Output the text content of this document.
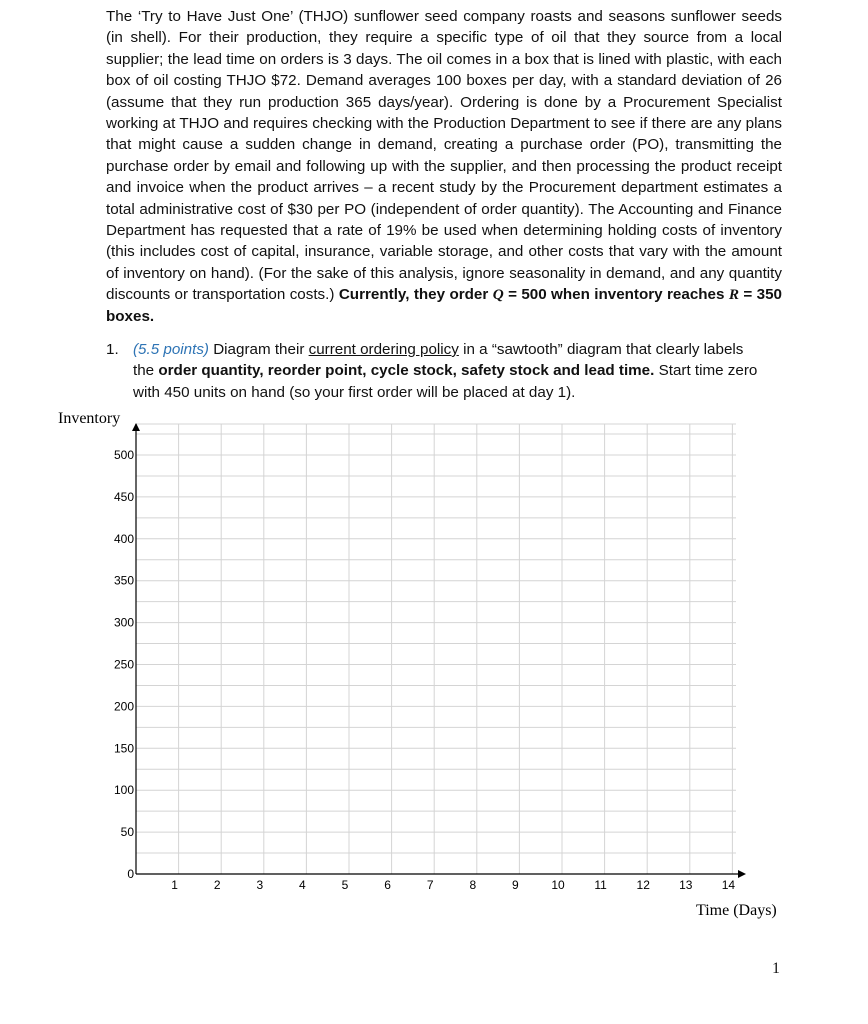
The ‘Try to Have Just One’ (THJO) sunflower seed company roasts and seasons sunflower seeds (in shell). For their production, they require a specific type of oil that they source from a local supplier; the lead time on orders is 3 days. The oil comes in a box that is lined with plastic, with each box of oil costing THJO $72. Demand averages 100 boxes per day, with a standard deviation of 26 (assume that they run production 365 days/year). Ordering is done by a Procurement Specialist working at THJO and requires checking with the Production Department to see if there are any plans that might cause a sudden change in demand, creating a purchase order (PO), transmitting the purchase order by email and following up with the supplier, and then processing the product receipt and invoice when the product arrives – a recent study by the Procurement department estimates a total administrative cost of $30 per PO (independent of order quantity). The Accounting and Finance Department has requested that a rate of 19% be used when determining holding costs of inventory (this includes cost of capital, insurance, variable storage, and other costs that vary with the amount of inventory on hand). (For the sake of this analysis, ignore seasonality in demand, and any quantity discounts or transportation costs.) Currently, they order Q = 500 when inventory reaches R = 350 boxes.
1. (5.5 points) Diagram their current ordering policy in a “sawtooth” diagram that clearly labels the order quantity, reorder point, cycle stock, safety stock and lead time. Start time zero with 450 units on hand (so your first order will be placed at day 1).
0
50
100
150
200
250
300
350
400
450
500
1	2	3	4	5	6	7	8	9	10 11 12 13 14
Inventory
Time (Days)
1
